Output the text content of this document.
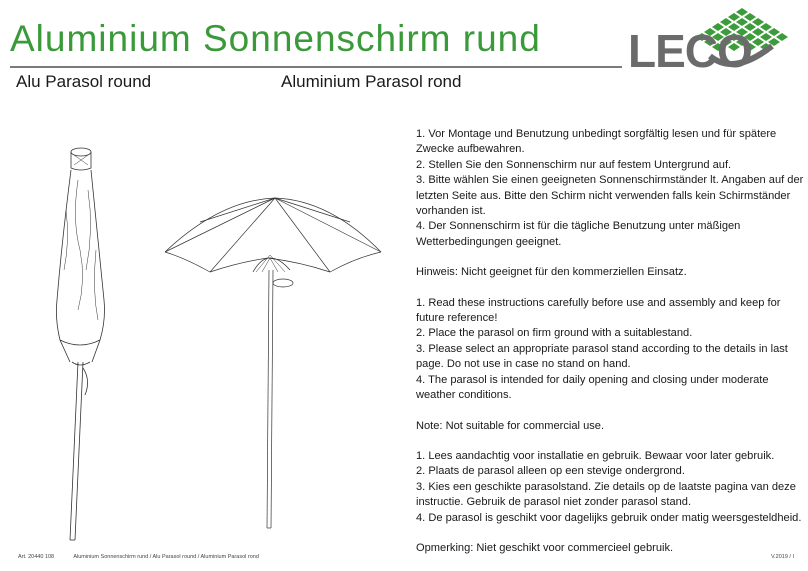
Aluminium Sonnenschirm rund LECO
Alu Parasol round	Aluminium Parasol rond

1. Vor Montage und Benutzung unbedingt sorgfältig lesen und für spätere Zwecke aufbewahren.

2. Stellen Sie den Sonnenschirm nur auf festem Untergrund auf.

3. Bitte wählen Sie einen geeigneten Sonnenschirmständer lt. Angaben auf der letzten Seite aus. Bitte den Schirm nicht verwenden falls kein Schirmständer vorhanden ist.

4. Der Sonnenschirm ist für die tägliche Benutzung unter mäßigen Wetterbedingungen geeignet.

Hinweis: Nicht geeignet für den kommerziellen Einsatz.

1. Read these instructions carefully before use and assembly and keep for future reference!

2. Place the parasol on firm ground with a suitablestand.

3. Please select an appropriate parasol stand according to the details in last page. Do not use in case no stand on hand.

4. The parasol is intended for daily opening and closing under moderate weather conditions.

Note: Not suitable for commercial use.

1. Lees aandachtig voor installatie en gebruik. Bewaar voor later gebruik.

2. Plaats de parasol alleen op een stevige ondergrond.

3. Kies een geschikte parasolstand. Zie details op de laatste pagina van deze instructie. Gebruik de parasol niet zonder parasol stand.

4. De parasol is geschikt voor dagelijks gebruik onder matig weersgesteldheid.

Opmerking: Niet geschikt voor commercieel gebruik.

Art. 20440 108	Aluminium Sonnenschirm rund / Alu Parasol round / Aluminium Parasol rond	V.2019 / I
